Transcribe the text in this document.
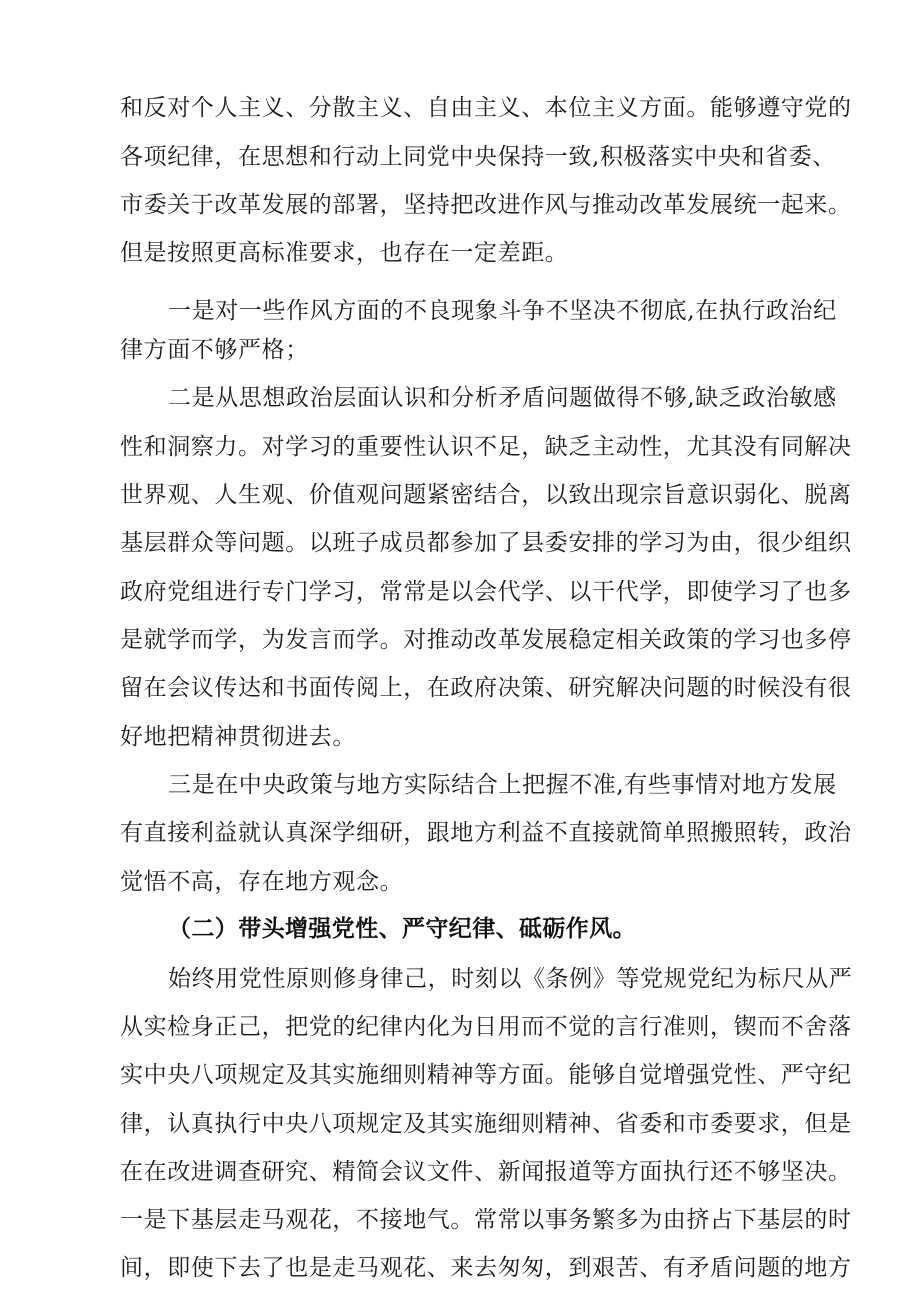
和反对个人主义、分散主义、自由主义、本位主义方面。能够遵守党的
各项纪律，在思想和行动上同党中央保持一致,积极落实中央和省委、
市委关于改革发展的部署，坚持把改进作风与推动改革发展统一起来。
但是按照更高标准要求，也存在一定差距。
一是对一些作风方面的不良现象斗争不坚决不彻底,在执行政治纪
律方面不够严格；
二是从思想政治层面认识和分析矛盾问题做得不够,缺乏政治敏感
性和洞察力。对学习的重要性认识不足，缺乏主动性，尤其没有同解决
世界观、人生观、价值观问题紧密结合，以致出现宗旨意识弱化、脱离
基层群众等问题。以班子成员都参加了县委安排的学习为由，很少组织
政府党组进行专门学习，常常是以会代学、以干代学，即使学习了也多
是就学而学，为发言而学。对推动改革发展稳定相关政策的学习也多停
留在会议传达和书面传阅上，在政府决策、研究解决问题的时候没有很
好地把精神贯彻进去。
三是在中央政策与地方实际结合上把握不准,有些事情对地方发展
有直接利益就认真深学细研，跟地方利益不直接就简单照搬照转，政治
觉悟不高，存在地方观念。
（二）带头增强党性、严守纪律、砥砺作风。
始终用党性原则修身律己，时刻以《条例》等党规党纪为标尺从严
从实检身正己，把党的纪律内化为日用而不觉的言行准则，锲而不舍落
实中央八项规定及其实施细则精神等方面。能够自觉增强党性、严守纪
律，认真执行中央八项规定及其实施细则精神、省委和市委要求，但是
在在改进调查研究、精简会议文件、新闻报道等方面执行还不够坚决。
一是下基层走马观花，不接地气。常常以事务繁多为由挤占下基层的时
间，即使下去了也是走马观花、来去匆匆，到艰苦、有矛盾问题的地方
